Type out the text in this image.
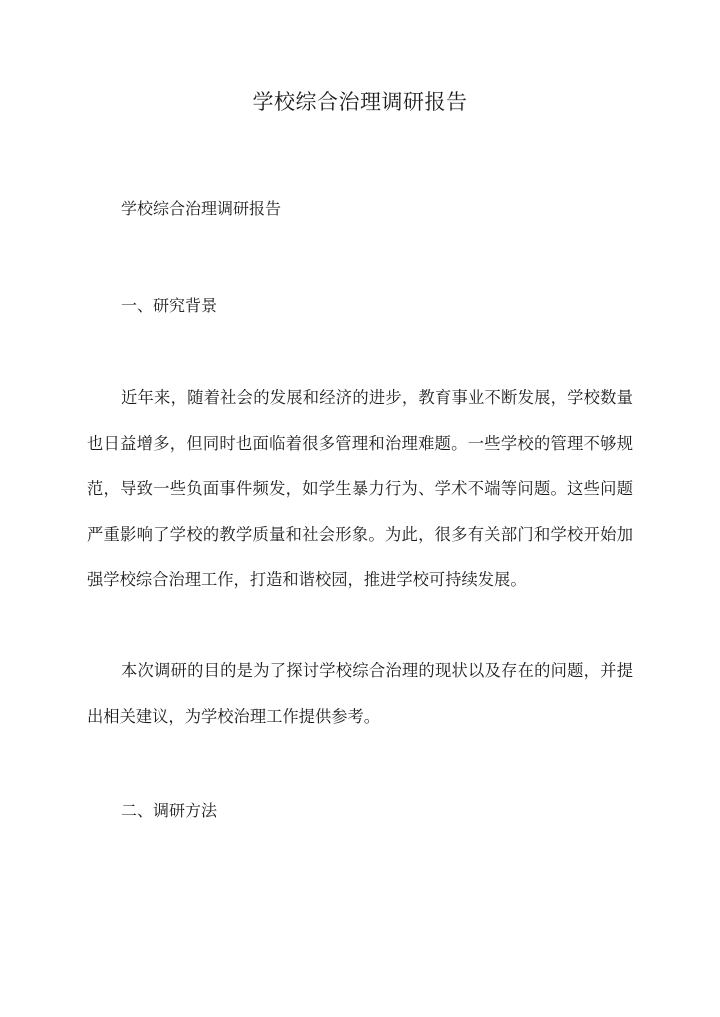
学校综合治理调研报告

学校综合治理调研报告

一、研究背景

近年来，随着社会的发展和经济的进步，教育事业不断发展，学校数量也日益增多，但同时也面临着很多管理和治理难题。一些学校的管理不够规范，导致一些负面事件频发，如学生暴力行为、学术不端等问题。这些问题严重影响了学校的教学质量和社会形象。为此，很多有关部门和学校开始加强学校综合治理工作，打造和谐校园，推进学校可持续发展。

本次调研的目的是为了探讨学校综合治理的现状以及存在的问题，并提出相关建议，为学校治理工作提供参考。

二、调研方法
